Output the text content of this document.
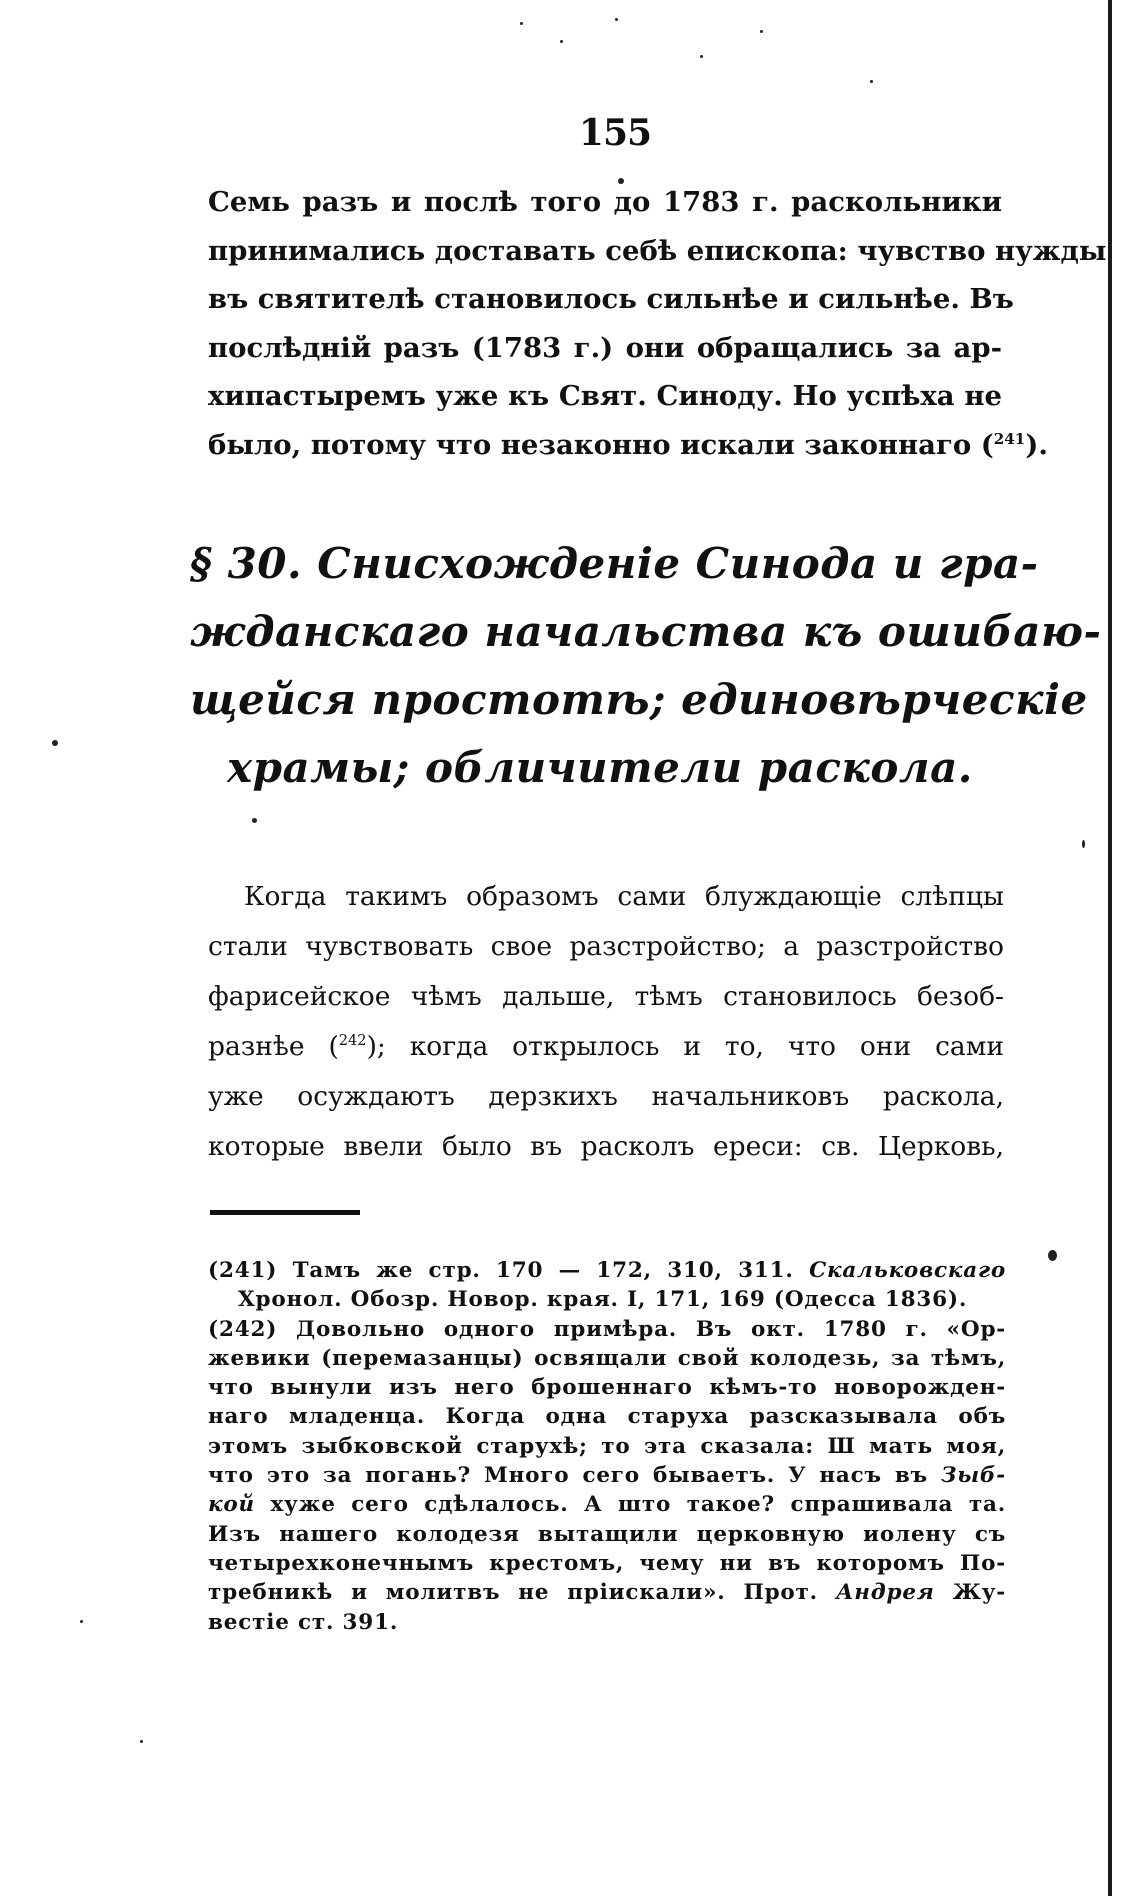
155
Семь разъ и послѣ того до 1783 г. раскольники
принимались доставать себѣ епископа: чувство нужды
въ святителѣ становилось сильнѣе и сильнѣе. Въ
послѣднiй разъ (1783 г.) они обращались за ар-
хипастыремъ уже къ Свят. Синоду. Но успѣха не
было, потому что незаконно искали законнаго ($^{241}$).
§ 30. Снисхожденiе Синода и гра-
жданскаго начальства къ ошибаю-
щейся простотѣ; единовѣрческiе
храмы; обличители раскола.
Когда такимъ образомъ сами блуждающiе слѣпцы
стали чувствовать свое разстройство; а разстройство
фарисейское чѣмъ дальше, тѣмъ становилось безоб-
разнѣе ($^{242}$); когда открылось и то, что они сами
уже осуждаютъ дерзкихъ начальниковъ раскола,
которые ввели было въ расколъ ереси: св. Церковь,
(241) Тамъ же стр. 170 — 172, 310, 311. Скальковскаго
Хронол. Обозр. Новор. края. I, 171, 169 (Одесса 1836).
(242) Довольно одного примѣра. Въ окт. 1780 г. «Ор-
жевики (перемазанцы) освящали свой колодезь, за тѣмъ,
что вынули изъ него брошеннаго кѣмъ-то новорожден-
наго младенца. Когда одна старуха разсказывала объ
этомъ зыбковской старухѣ; то эта сказала: Ш мать моя,
что это за погань? Много сего бываетъ. У насъ въ Зыб-
кой хуже сего сдѣлалось. А што такое? спрашивала та.
Изъ нашего колодезя вытащили церковную иолену съ
четырехконечнымъ крестомъ, чему ни въ которомъ По-
требникѣ и молитвъ не прiискали». Прот. Андрея Жу-
вестiе ст. 391.
